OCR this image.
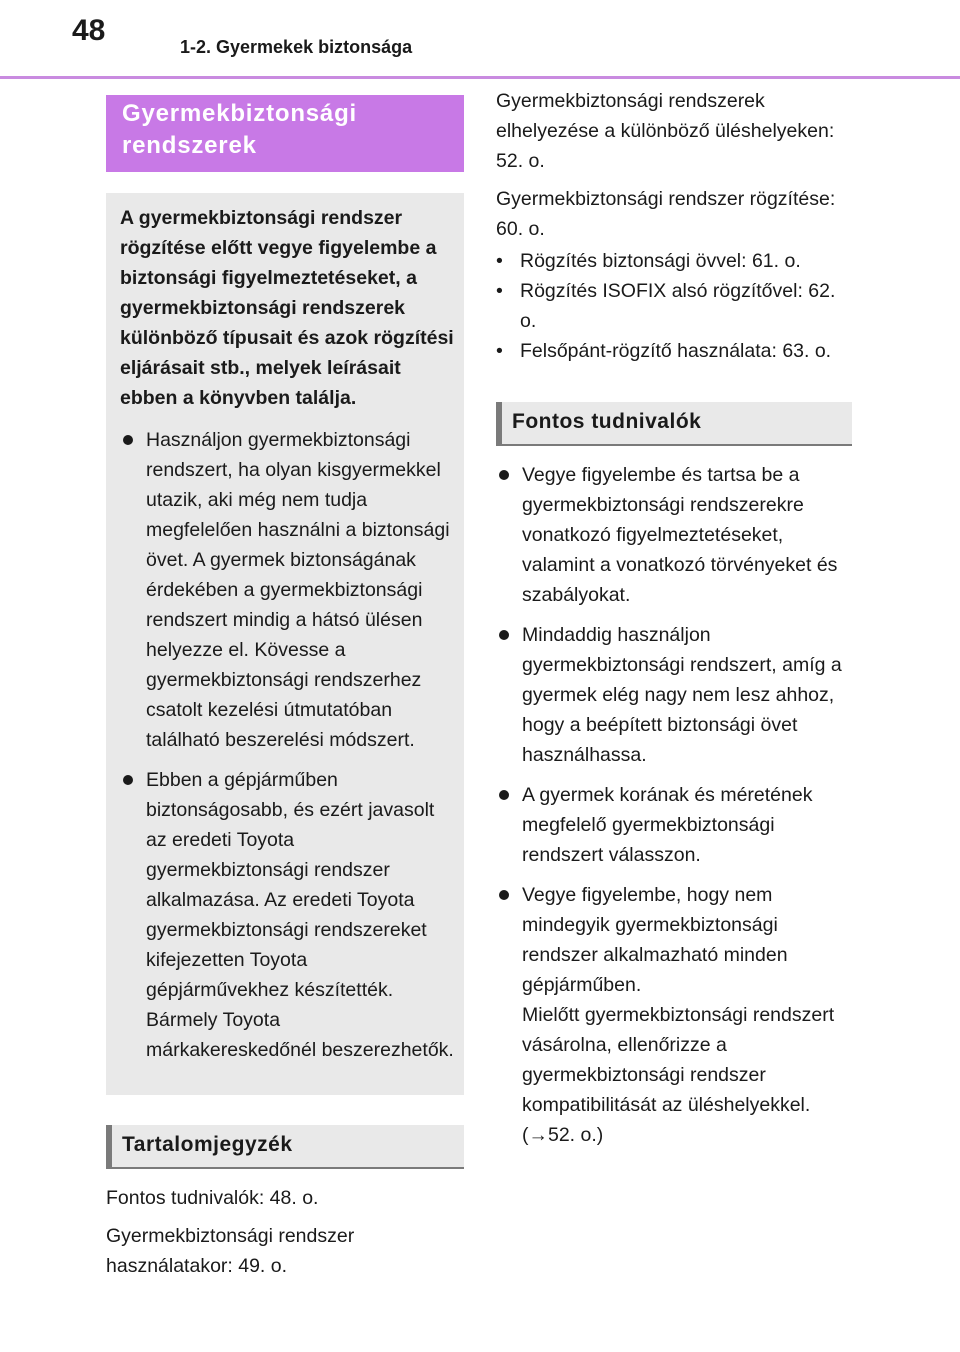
48	1-2. Gyermekek biztonsága
Gyermekbiztonsági rendszerek

A gyermekbiztonsági rendszer rögzítése előtt vegye figyelembe a biztonsági figyelmeztetéseket, a gyermekbiztonsági rendszerek különböző típusait és azok rögzítési eljárásait stb., melyek leírásait ebben a könyvben találja.

Használjon gyermekbiztonsági rendszert, ha olyan kisgyermekkel utazik, aki még nem tudja megfelelően használni a biztonsági övet. A gyermek biztonságának érdekében a gyermekbiztonsági rendszert mindig a hátsó ülésen helyezze el. Kövesse a gyermekbiztonsági rendszerhez csatolt kezelési útmutatóban található beszerelési módszert.
Ebben a gépjárműben biztonságosabb, és ezért javasolt az eredeti Toyota gyermekbiztonsági rendszer alkalmazása. Az eredeti Toyota gyermekbiztonsági rendszereket kifejezetten Toyota gépjárművekhez készítették. Bármely Toyota márkakereskedőnél beszerezhetők.
Tartalomjegyzék

Fontos tudnivalók: 48. o.

Gyermekbiztonsági rendszer használatakor: 49. o.

Gyermekbiztonsági rendszerek elhelyezése a különböző üléshelyeken: 52. o.

Gyermekbiztonsági rendszer rögzítése: 60. o.

• Rögzítés biztonsági övvel: 61. o.
• Rögzítés ISOFIX alsó rögzítővel: 62. o.
• Felsőpánt-rögzítő használata: 63. o.
Fontos tudnivalók
Vegye figyelembe és tartsa be a gyermekbiztonsági rendszerekre vonatkozó figyelmeztetéseket, valamint a vonatkozó törvényeket és szabályokat.
Mindaddig használjon gyermekbiztonsági rendszert, amíg a gyermek elég nagy nem lesz ahhoz, hogy a beépített biztonsági övet használhassa.
A gyermek korának és méretének megfelelő gyermekbiztonsági rendszert válasszon.
Vegye figyelembe, hogy nem mindegyik gyermekbiztonsági rendszer alkalmazható minden gépjárműben.
Mielőtt gyermekbiztonsági rendszert vásárolna, ellenőrizze a gyermekbiztonsági rendszer kompatibilitását az üléshelyekkel. (→52. o.)
